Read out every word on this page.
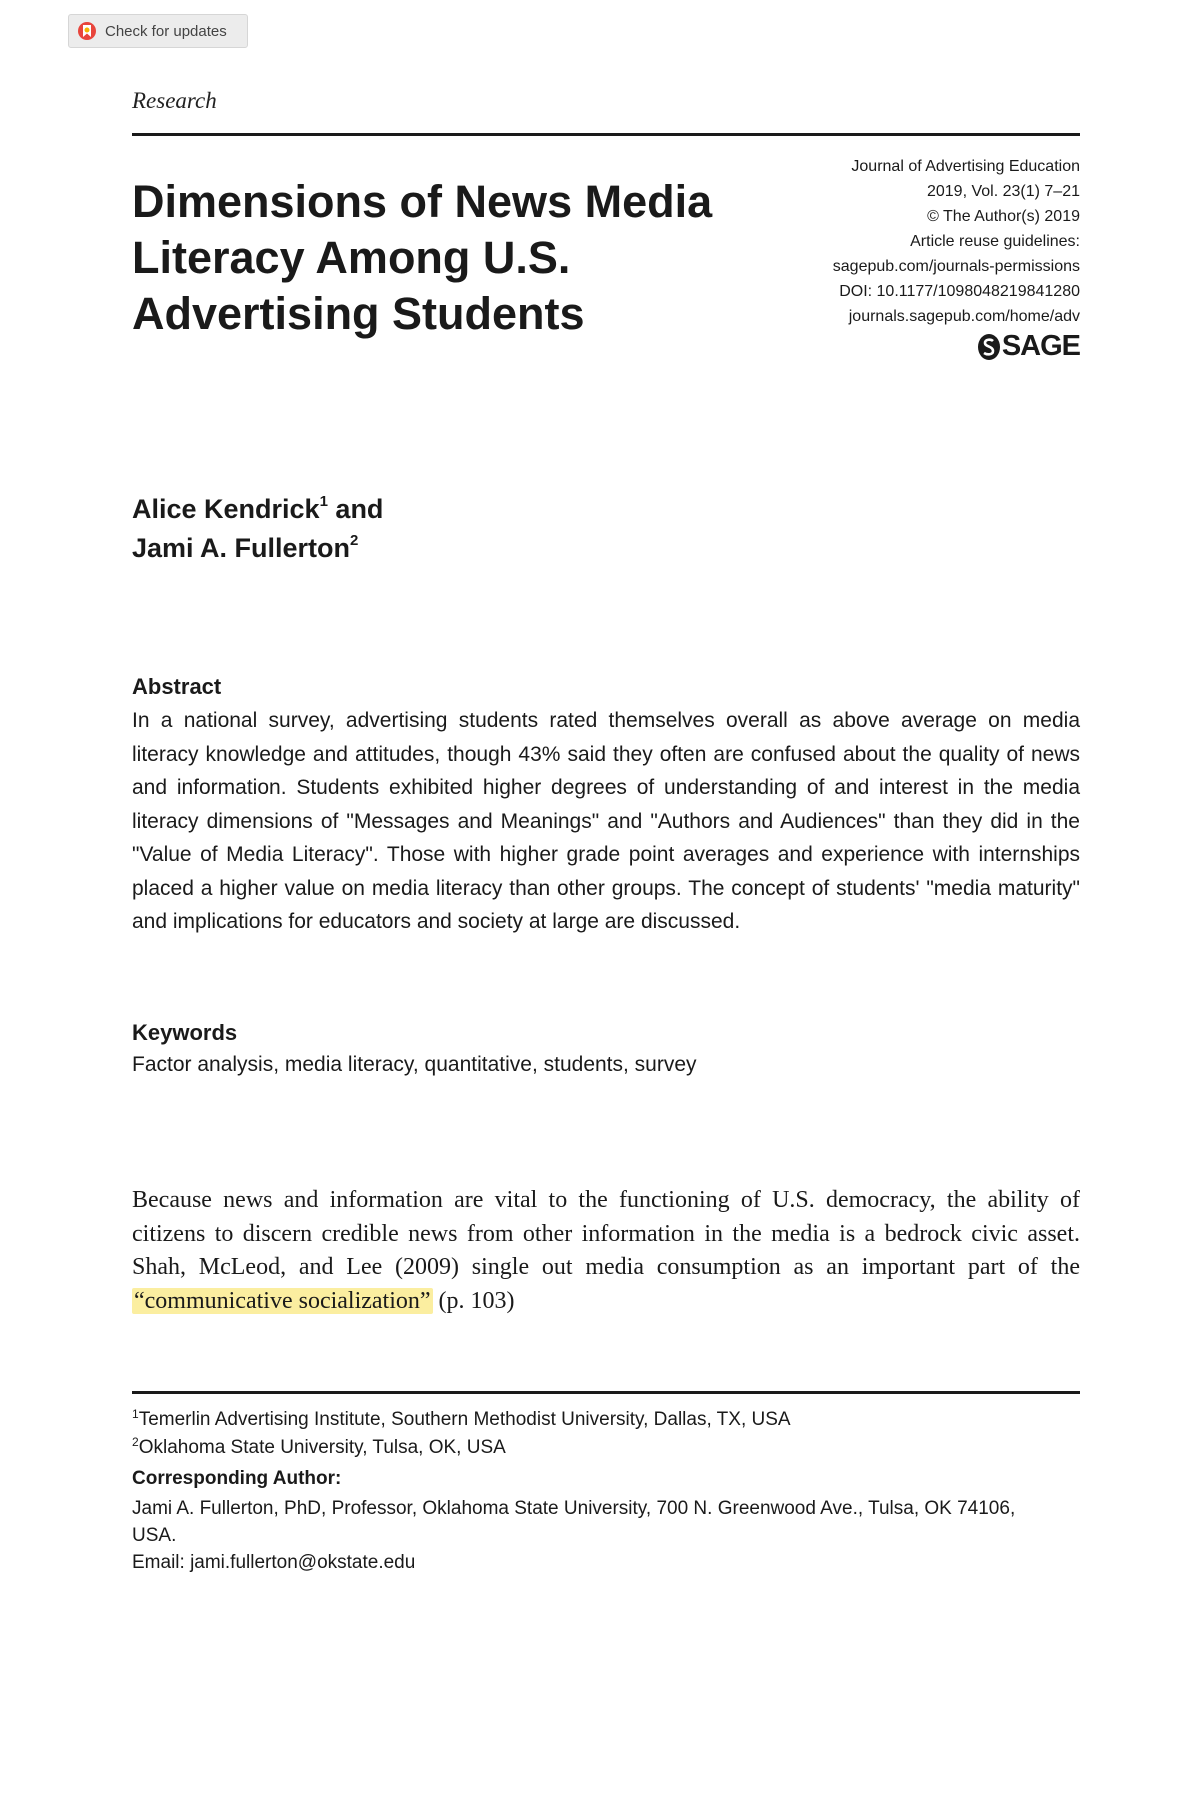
Check for updates
Research
Dimensions of News Media Literacy Among U.S. Advertising Students
Journal of Advertising Education
2019, Vol. 23(1) 7–21
© The Author(s) 2019
Article reuse guidelines:
sagepub.com/journals-permissions
DOI: 10.1177/1098048219841280
journals.sagepub.com/home/adv
SAGE
Alice Kendrick$^1$ and
Jami A. Fullerton$^2$
Abstract

In a national survey, advertising students rated themselves overall as above average on media literacy knowledge and attitudes, though 43% said they often are confused about the quality of news and information. Students exhibited higher degrees of understanding of and interest in the media literacy dimensions of "Messages and Meanings" and "Authors and Audiences" than they did in the "Value of Media Literacy". Those with higher grade point averages and experience with internships placed a higher value on media literacy than other groups. The concept of students' "media maturity" and implications for educators and society at large are discussed.

Keywords
Factor analysis, media literacy, quantitative, students, survey

Because news and information are vital to the functioning of U.S. democracy, the ability of citizens to discern credible news from other information in the media is a bedrock civic asset. Shah, McLeod, and Lee (2009) single out media consumption as an important part of the “communicative socialization” (p. 103)

$^1$Temerlin Advertising Institute, Southern Methodist University, Dallas, TX, USA
$^2$Oklahoma State University, Tulsa, OK, USA
Corresponding Author:
Jami A. Fullerton, PhD, Professor, Oklahoma State University, 700 N. Greenwood Ave., Tulsa, OK 74106, USA.
Email: jami.fullerton@okstate.edu
